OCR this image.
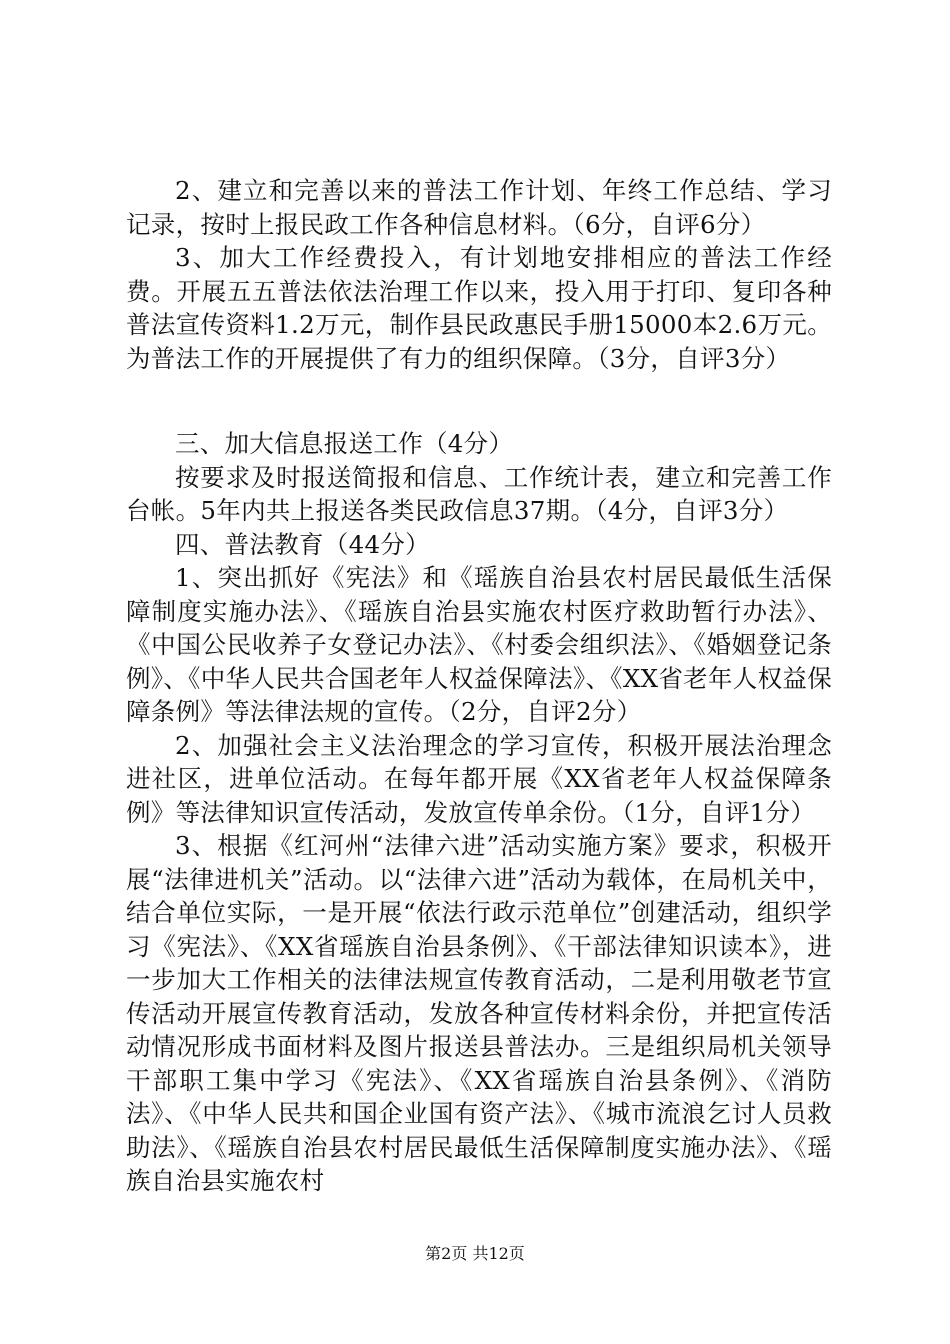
2、建立和完善以来的普法工作计划、年终工作总结、学习记录，按时上报民政工作各种信息材料。（6分，自评6分）

3、加大工作经费投入，有计划地安排相应的普法工作经费。开展五五普法依法治理工作以来，投入用于打印、复印各种普法宣传资料1.2万元，制作县民政惠民手册15000本2.6万元。为普法工作的开展提供了有力的组织保障。（3分，自评3分）

三、加大信息报送工作（4分）

按要求及时报送简报和信息、工作统计表，建立和完善工作台帐。5年内共上报送各类民政信息37期。（4分，自评3分）

四、普法教育（44分）

1、突出抓好《宪法》和《瑶族自治县农村居民最低生活保障制度实施办法》、《瑶族自治县实施农村医疗救助暂行办法》、《中国公民收养子女登记办法》、《村委会组织法》、《婚姻登记条例》、《中华人民共合国老年人权益保障法》、《XX省老年人权益保障条例》等法律法规的宣传。（2分，自评2分）

2、加强社会主义法治理念的学习宣传，积极开展法治理念进社区，进单位活动。在每年都开展《XX省老年人权益保障条例》等法律知识宣传活动，发放宣传单余份。（1分，自评1分）

3、根据《红河州“法律六进”活动实施方案》要求，积极开展“法律进机关”活动。以“法律六进”活动为载体，在局机关中，结合单位实际，一是开展“依法行政示范单位”创建活动，组织学习《宪法》、《XX省瑶族自治县条例》、《干部法律知识读本》，进一步加大工作相关的法律法规宣传教育活动，二是利用敬老节宣传活动开展宣传教育活动，发放各种宣传材料余份，并把宣传活动情况形成书面材料及图片报送县普法办。三是组织局机关领导干部职工集中学习《宪法》、《XX省瑶族自治县条例》、《消防法》、《中华人民共和国企业国有资产法》、《城市流浪乞讨人员救助法》、《瑶族自治县农村居民最低生活保障制度实施办法》、《瑶族自治县实施农村

第2页 共12页
